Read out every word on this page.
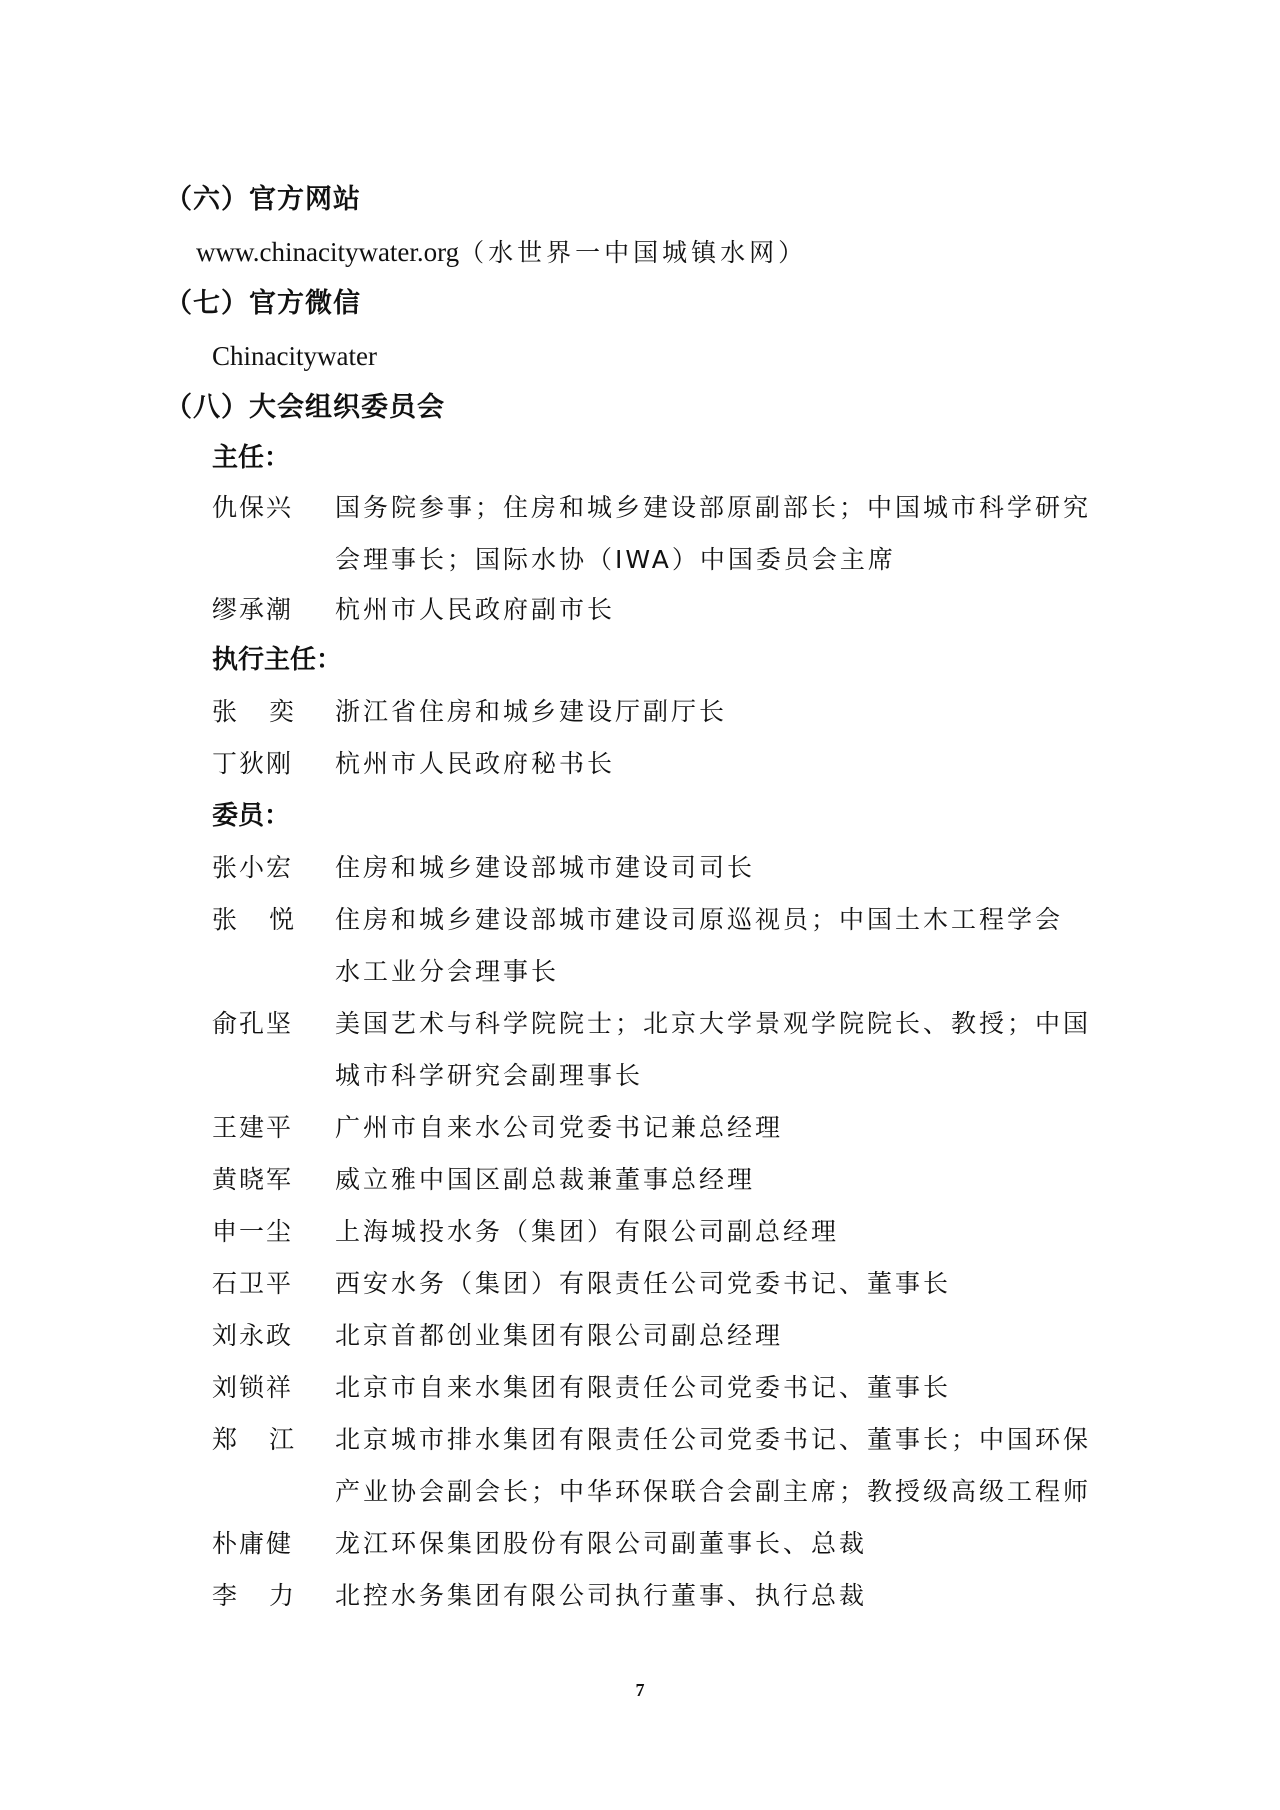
（六）官方网站
www.chinacitywater.org（水世界一中国城镇水网）
（七）官方微信
Chinacitywater
（八）大会组织委员会
主任：
仇保兴 国务院参事；住房和城乡建设部原副部长；中国城市科学研究
会理事长；国际水协（IWA）中国委员会主席
缪承潮 杭州市人民政府副市长
执行主任：
张奕 浙江省住房和城乡建设厅副厅长
丁狄刚 杭州市人民政府秘书长
委员：
张小宏 住房和城乡建设部城市建设司司长
张悦 住房和城乡建设部城市建设司原巡视员；中国土木工程学会
水工业分会理事长
俞孔坚 美国艺术与科学院院士；北京大学景观学院院长、教授；中国
城市科学研究会副理事长
王建平 广州市自来水公司党委书记兼总经理
黄晓军 威立雅中国区副总裁兼董事总经理
申一尘 上海城投水务（集团）有限公司副总经理
石卫平 西安水务（集团）有限责任公司党委书记、董事长
刘永政 北京首都创业集团有限公司副总经理
刘锁祥 北京市自来水集团有限责任公司党委书记、董事长
郑江 北京城市排水集团有限责任公司党委书记、董事长；中国环保
产业协会副会长；中华环保联合会副主席；教授级高级工程师
朴庸健 龙江环保集团股份有限公司副董事长、总裁
李力 北控水务集团有限公司执行董事、执行总裁
7
